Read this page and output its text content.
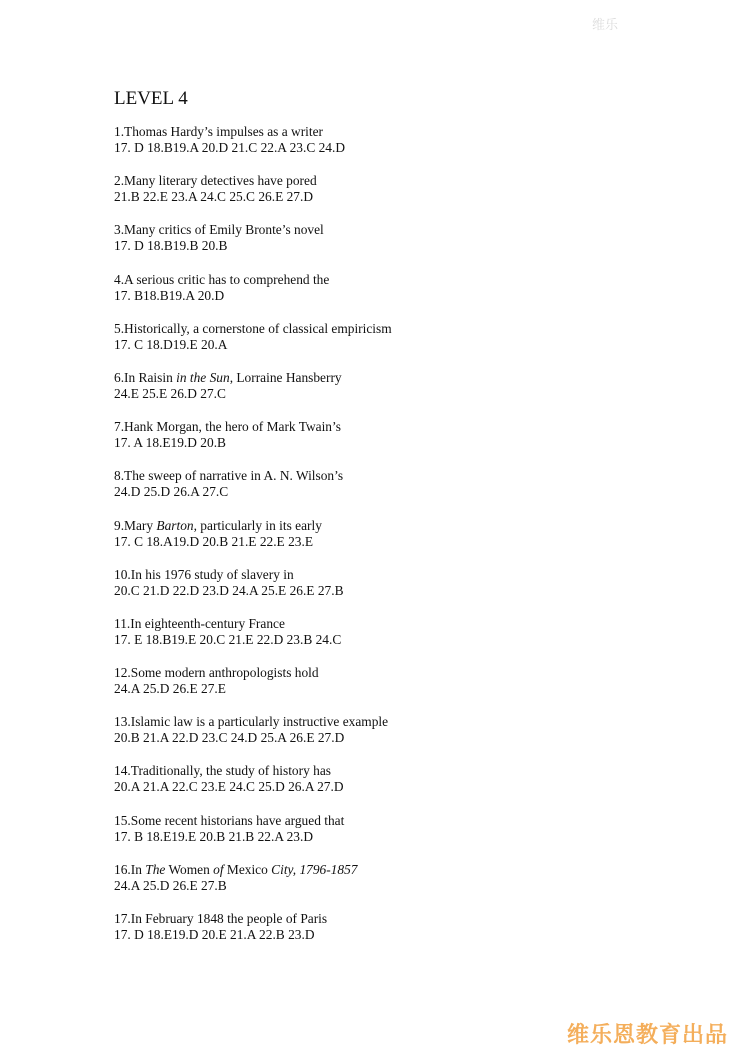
维乐
LEVEL 4
1.Thomas Hardy’s impulses as a writer
17. D 18.B19.A 20.D 21.C 22.A 23.C 24.D
2.Many literary detectives have pored
21.B 22.E 23.A 24.C 25.C 26.E 27.D
3.Many critics of Emily Bronte’s novel
17. D 18.B19.B 20.B
4.A serious critic has to comprehend the
17. B18.B19.A 20.D
5.Historically, a cornerstone of classical empiricism
17. C 18.D19.E 20.A
6.In Raisin in the Sun, Lorraine Hansberry
24.E 25.E 26.D 27.C
7.Hank Morgan, the hero of Mark Twain’s
17. A 18.E19.D 20.B
8.The sweep of narrative in A. N. Wilson’s
24.D 25.D 26.A 27.C
9.Mary Barton, particularly in its early
17. C 18.A19.D 20.B 21.E 22.E 23.E
10.In his 1976 study of slavery in
20.C 21.D 22.D 23.D 24.A 25.E 26.E 27.B
11.In eighteenth-century France
17. E 18.B19.E 20.C 21.E 22.D 23.B 24.C
12.Some modern anthropologists hold
24.A 25.D 26.E 27.E
13.Islamic law is a particularly instructive example
20.B 21.A 22.D 23.C 24.D 25.A 26.E 27.D
14.Traditionally, the study of history has
20.A 21.A 22.C 23.E 24.C 25.D 26.A 27.D
15.Some recent historians have argued that
17. B 18.E19.E 20.B 21.B 22.A 23.D
16.In The Women of Mexico City, 1796-1857
24.A 25.D 26.E 27.B
17.In February 1848 the people of Paris
17. D 18.E19.D 20.E 21.A 22.B 23.D
维乐恩教育出品
